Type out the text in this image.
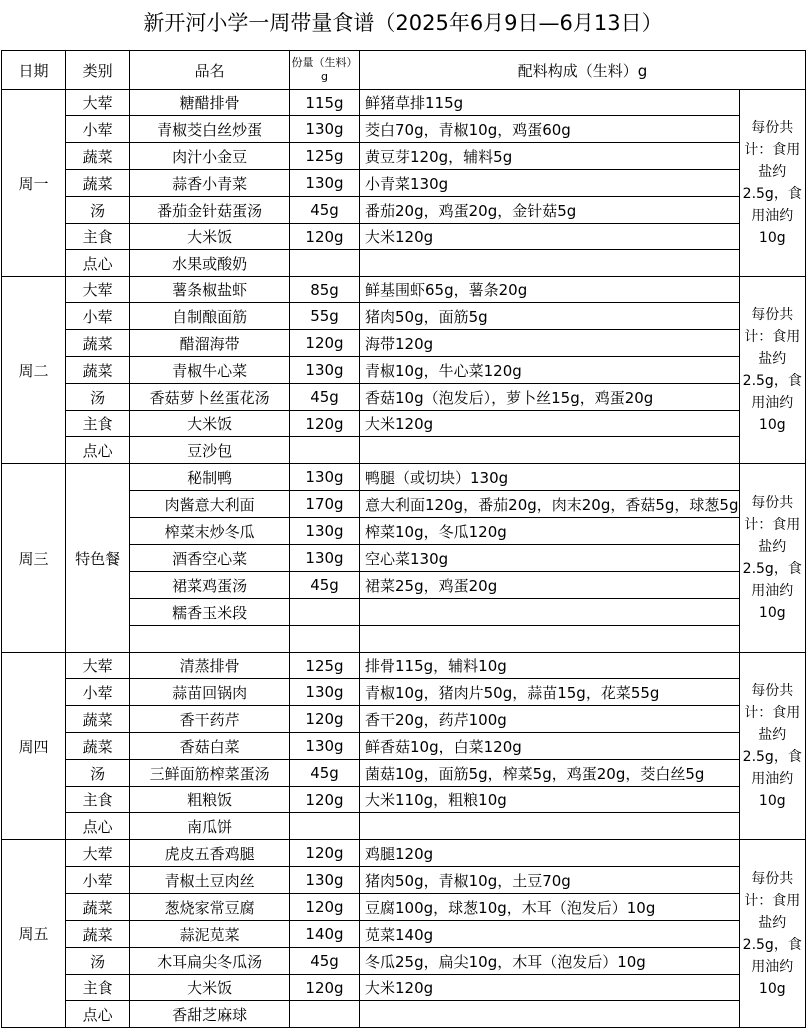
新开河小学一周带量食谱（2025年6月9日—6月13日）
日期	类别	品名	份量（生料）g	配料构成（生料）g	
周一	大荤	糖醋排骨	115g	鲜猪草排115g	每份共计：食用盐约2.5g，食用油约10g
	小荤	青椒茭白丝炒蛋	130g	茭白70g，青椒10g，鸡蛋60g	
	蔬菜	肉汁小金豆	125g	黄豆芽120g，辅料5g	
	蔬菜	蒜香小青菜	130g	小青菜130g	
	汤	番茄金针菇蛋汤	45g	番茄20g，鸡蛋20g，金针菇5g	
	主食	大米饭	120g	大米120g	
	点心	水果或酸奶			
周二	大荤	薯条椒盐虾	85g	鲜基围虾65g，薯条20g	每份共计：食用盐约2.5g，食用油约10g
	小荤	自制酿面筋	55g	猪肉50g，面筋5g	
	蔬菜	醋溜海带	120g	海带120g	
	蔬菜	青椒牛心菜	130g	青椒10g，牛心菜120g	
	汤	香菇萝卜丝蛋花汤	45g	香菇10g（泡发后），萝卜丝15g，鸡蛋20g	
	主食	大米饭	120g	大米120g	
	点心	豆沙包			
周三	特色餐	秘制鸭	130g	鸭腿（或切块）130g	每份共计：食用盐约2.5g，食用油约10g
		肉酱意大利面	170g	意大利面120g，番茄20g，肉末20g，香菇5g，球葱5g	
		榨菜末炒冬瓜	130g	榨菜10g，冬瓜120g	
		酒香空心菜	130g	空心菜130g	
		裙菜鸡蛋汤	45g	裙菜25g，鸡蛋20g	
		糯香玉米段			

周四	大荤	清蒸排骨	125g	排骨115g，辅料10g	每份共计：食用盐约2.5g，食用油约10g
	小荤	蒜苗回锅肉	130g	青椒10g，猪肉片50g，蒜苗15g，花菜55g	
	蔬菜	香干药芹	120g	香干20g，药芹100g	
	蔬菜	香菇白菜	130g	鲜香菇10g，白菜120g	
	汤	三鲜面筋榨菜蛋汤	45g	菌菇10g，面筋5g，榨菜5g，鸡蛋20g，茭白丝5g	
	主食	粗粮饭	120g	大米110g，粗粮10g	
	点心	南瓜饼			
周五	大荤	虎皮五香鸡腿	120g	鸡腿120g	每份共计：食用盐约2.5g，食用油约10g
	小荤	青椒土豆肉丝	130g	猪肉50g，青椒10g，土豆70g	
	蔬菜	葱烧家常豆腐	120g	豆腐100g，球葱10g，木耳（泡发后）10g	
	蔬菜	蒜泥苋菜	140g	苋菜140g	
	汤	木耳扁尖冬瓜汤	45g	冬瓜25g，扁尖10g，木耳（泡发后）10g	
	主食	大米饭	120g	大米120g	
	点心	香甜芝麻球			
